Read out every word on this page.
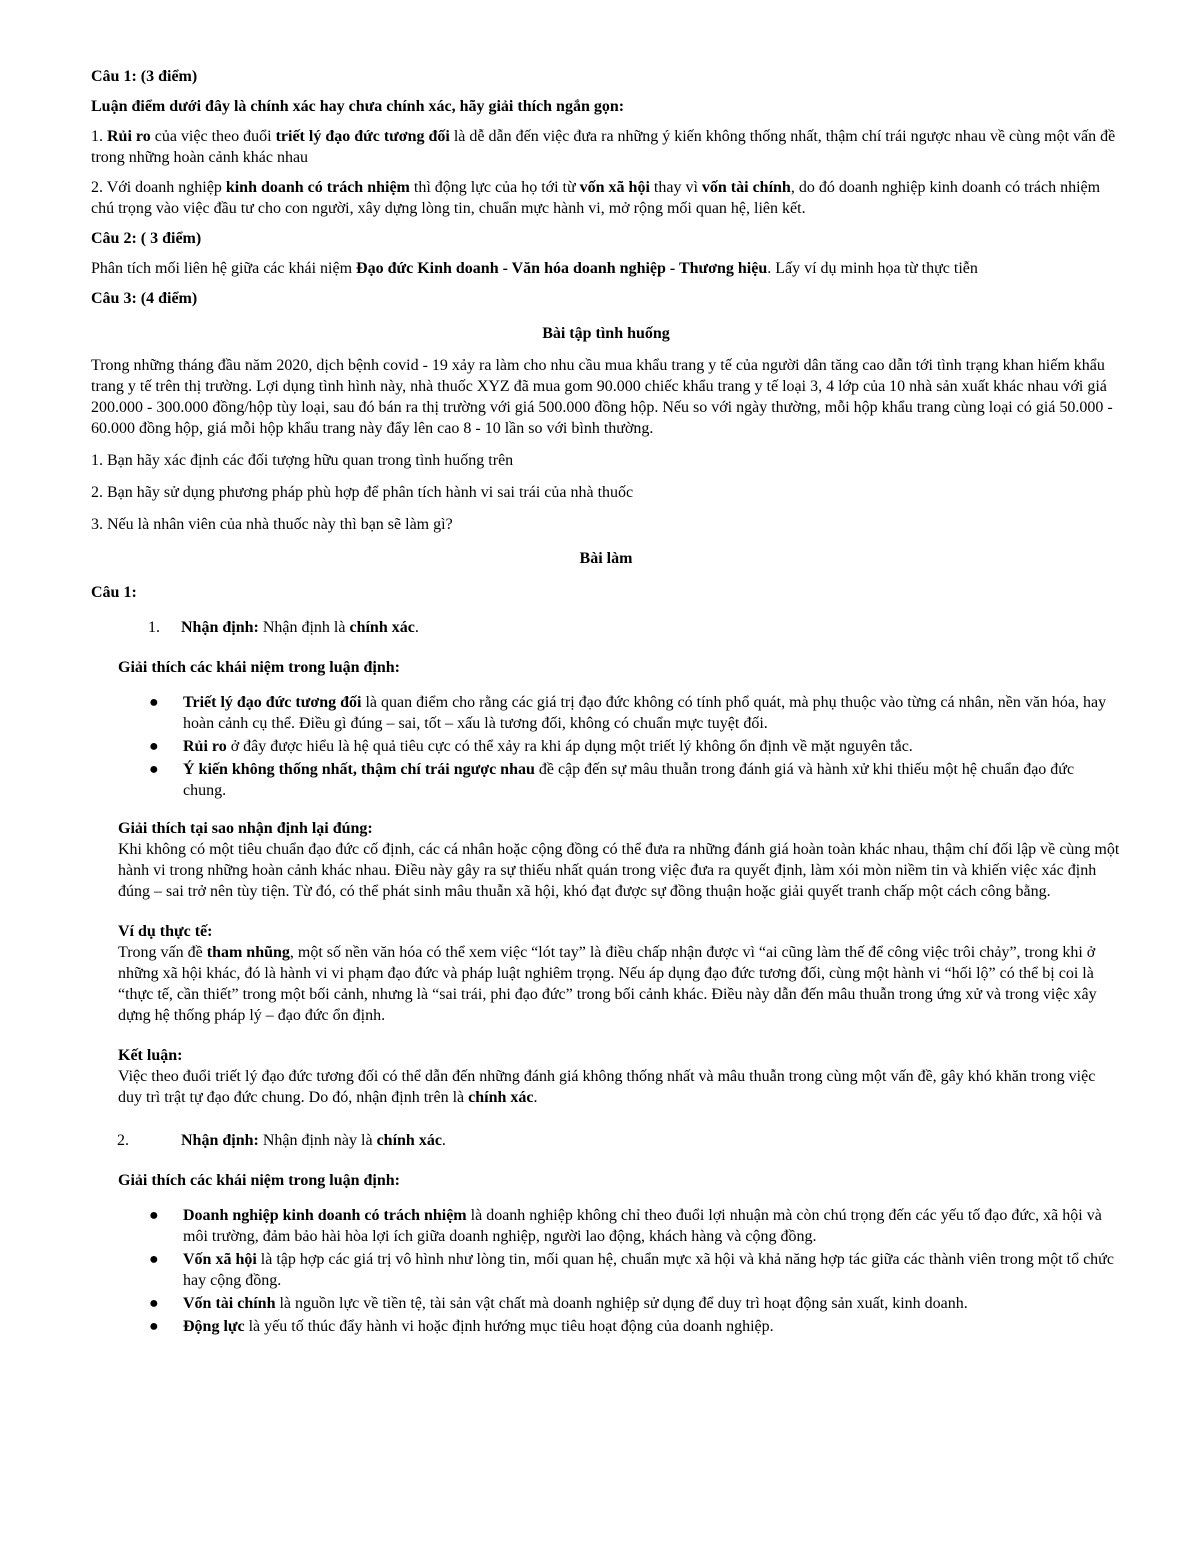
Câu 1: (3 điểm)

Luận điểm dưới đây là chính xác hay chưa chính xác, hãy giải thích ngắn gọn:

1. Rủi ro của việc theo đuổi triết lý đạo đức tương đối là dễ dẫn đến việc đưa ra những ý kiến không thống nhất, thậm chí trái ngược nhau về cùng một vấn đề trong những hoàn cảnh khác nhau

2. Với doanh nghiệp kinh doanh có trách nhiệm thì động lực của họ tới từ vốn xã hội thay vì vốn tài chính, do đó doanh nghiệp kinh doanh có trách nhiệm chú trọng vào việc đầu tư cho con người, xây dựng lòng tin, chuẩn mực hành vi, mở rộng mối quan hệ, liên kết.

Câu 2: ( 3 điểm)

Phân tích mối liên hệ giữa các khái niệm Đạo đức Kinh doanh - Văn hóa doanh nghiệp - Thương hiệu. Lấy ví dụ minh họa từ thực tiễn

Câu 3: (4 điểm)

Bài tập tình huống

Trong những tháng đầu năm 2020, dịch bệnh covid - 19 xảy ra làm cho nhu cầu mua khẩu trang y tế của người dân tăng cao dẫn tới tình trạng khan hiếm khẩu trang y tế trên thị trường. Lợi dụng tình hình này, nhà thuốc XYZ đã mua gom 90.000 chiếc khẩu trang y tế loại 3, 4 lớp của 10 nhà sản xuất khác nhau với giá 200.000 - 300.000 đồng/hộp tùy loại, sau đó bán ra thị trường với giá 500.000 đồng hộp. Nếu so với ngày thường, mỗi hộp khẩu trang cùng loại có giá 50.000 - 60.000 đồng hộp, giá mỗi hộp khẩu trang này đẩy lên cao 8 - 10 lần so với bình thường.

1. Bạn hãy xác định các đối tượng hữu quan trong tình huống trên

2. Bạn hãy sử dụng phương pháp phù hợp để phân tích hành vi sai trái của nhà thuốc

3. Nếu là nhân viên của nhà thuốc này thì bạn sẽ làm gì?

Bài làm

Câu 1:

1.	Nhận định: Nhận định là chính xác.

Giải thích các khái niệm trong luận định:

● Triết lý đạo đức tương đối là quan điểm cho rằng các giá trị đạo đức không có tính phổ quát, mà phụ thuộc vào từng cá nhân, nền văn hóa, hay hoàn cảnh cụ thể. Điều gì đúng – sai, tốt – xấu là tương đối, không có chuẩn mực tuyệt đối.
● Rủi ro ở đây được hiểu là hệ quả tiêu cực có thể xảy ra khi áp dụng một triết lý không ổn định về mặt nguyên tắc.
● Ý kiến không thống nhất, thậm chí trái ngược nhau đề cập đến sự mâu thuẫn trong đánh giá và hành xử khi thiếu một hệ chuẩn đạo đức chung.

Giải thích tại sao nhận định lại đúng:

Khi không có một tiêu chuẩn đạo đức cố định, các cá nhân hoặc cộng đồng có thể đưa ra những đánh giá hoàn toàn khác nhau, thậm chí đối lập về cùng một hành vi trong những hoàn cảnh khác nhau. Điều này gây ra sự thiếu nhất quán trong việc đưa ra quyết định, làm xói mòn niềm tin và khiến việc xác định đúng – sai trở nên tùy tiện. Từ đó, có thể phát sinh mâu thuẫn xã hội, khó đạt được sự đồng thuận hoặc giải quyết tranh chấp một cách công bằng.

Ví dụ thực tế:

Trong vấn đề tham nhũng, một số nền văn hóa có thể xem việc “lót tay” là điều chấp nhận được vì “ai cũng làm thế để công việc trôi chảy”, trong khi ở những xã hội khác, đó là hành vi vi phạm đạo đức và pháp luật nghiêm trọng. Nếu áp dụng đạo đức tương đối, cùng một hành vi “hối lộ” có thể bị coi là “thực tế, cần thiết” trong một bối cảnh, nhưng là “sai trái, phi đạo đức” trong bối cảnh khác. Điều này dẫn đến mâu thuẫn trong ứng xử và trong việc xây dựng hệ thống pháp lý – đạo đức ổn định.

Kết luận:

Việc theo đuổi triết lý đạo đức tương đối có thể dẫn đến những đánh giá không thống nhất và mâu thuẫn trong cùng một vấn đề, gây khó khăn trong việc duy trì trật tự đạo đức chung. Do đó, nhận định trên là chính xác.

2.	Nhận định: Nhận định này là chính xác.

Giải thích các khái niệm trong luận định:

● Doanh nghiệp kinh doanh có trách nhiệm là doanh nghiệp không chỉ theo đuổi lợi nhuận mà còn chú trọng đến các yếu tố đạo đức, xã hội và môi trường, đảm bảo hài hòa lợi ích giữa doanh nghiệp, người lao động, khách hàng và cộng đồng.
● Vốn xã hội là tập hợp các giá trị vô hình như lòng tin, mối quan hệ, chuẩn mực xã hội và khả năng hợp tác giữa các thành viên trong một tổ chức hay cộng đồng.
● Vốn tài chính là nguồn lực về tiền tệ, tài sản vật chất mà doanh nghiệp sử dụng để duy trì hoạt động sản xuất, kinh doanh.
● Động lực là yếu tố thúc đẩy hành vi hoặc định hướng mục tiêu hoạt động của doanh nghiệp.
